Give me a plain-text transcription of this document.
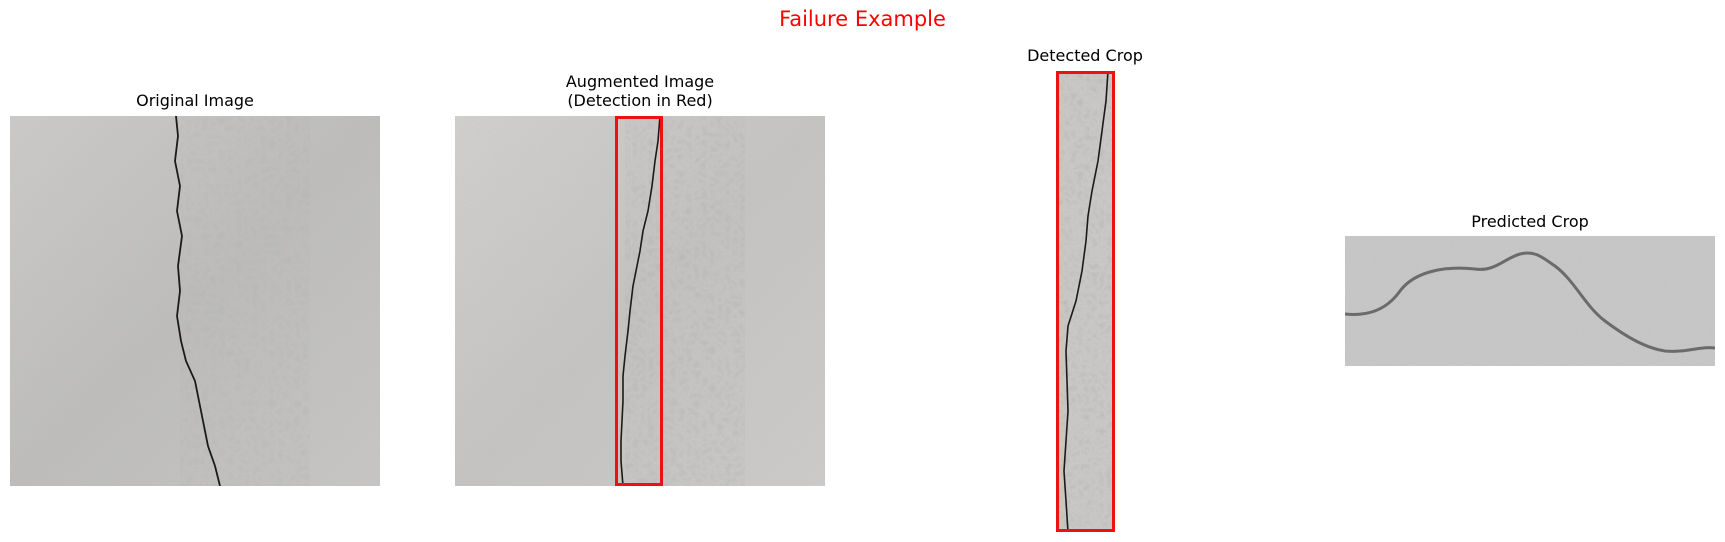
Failure Example
Original Image
Augmented Image
(Detection in Red)
Detected Crop
Predicted Crop
